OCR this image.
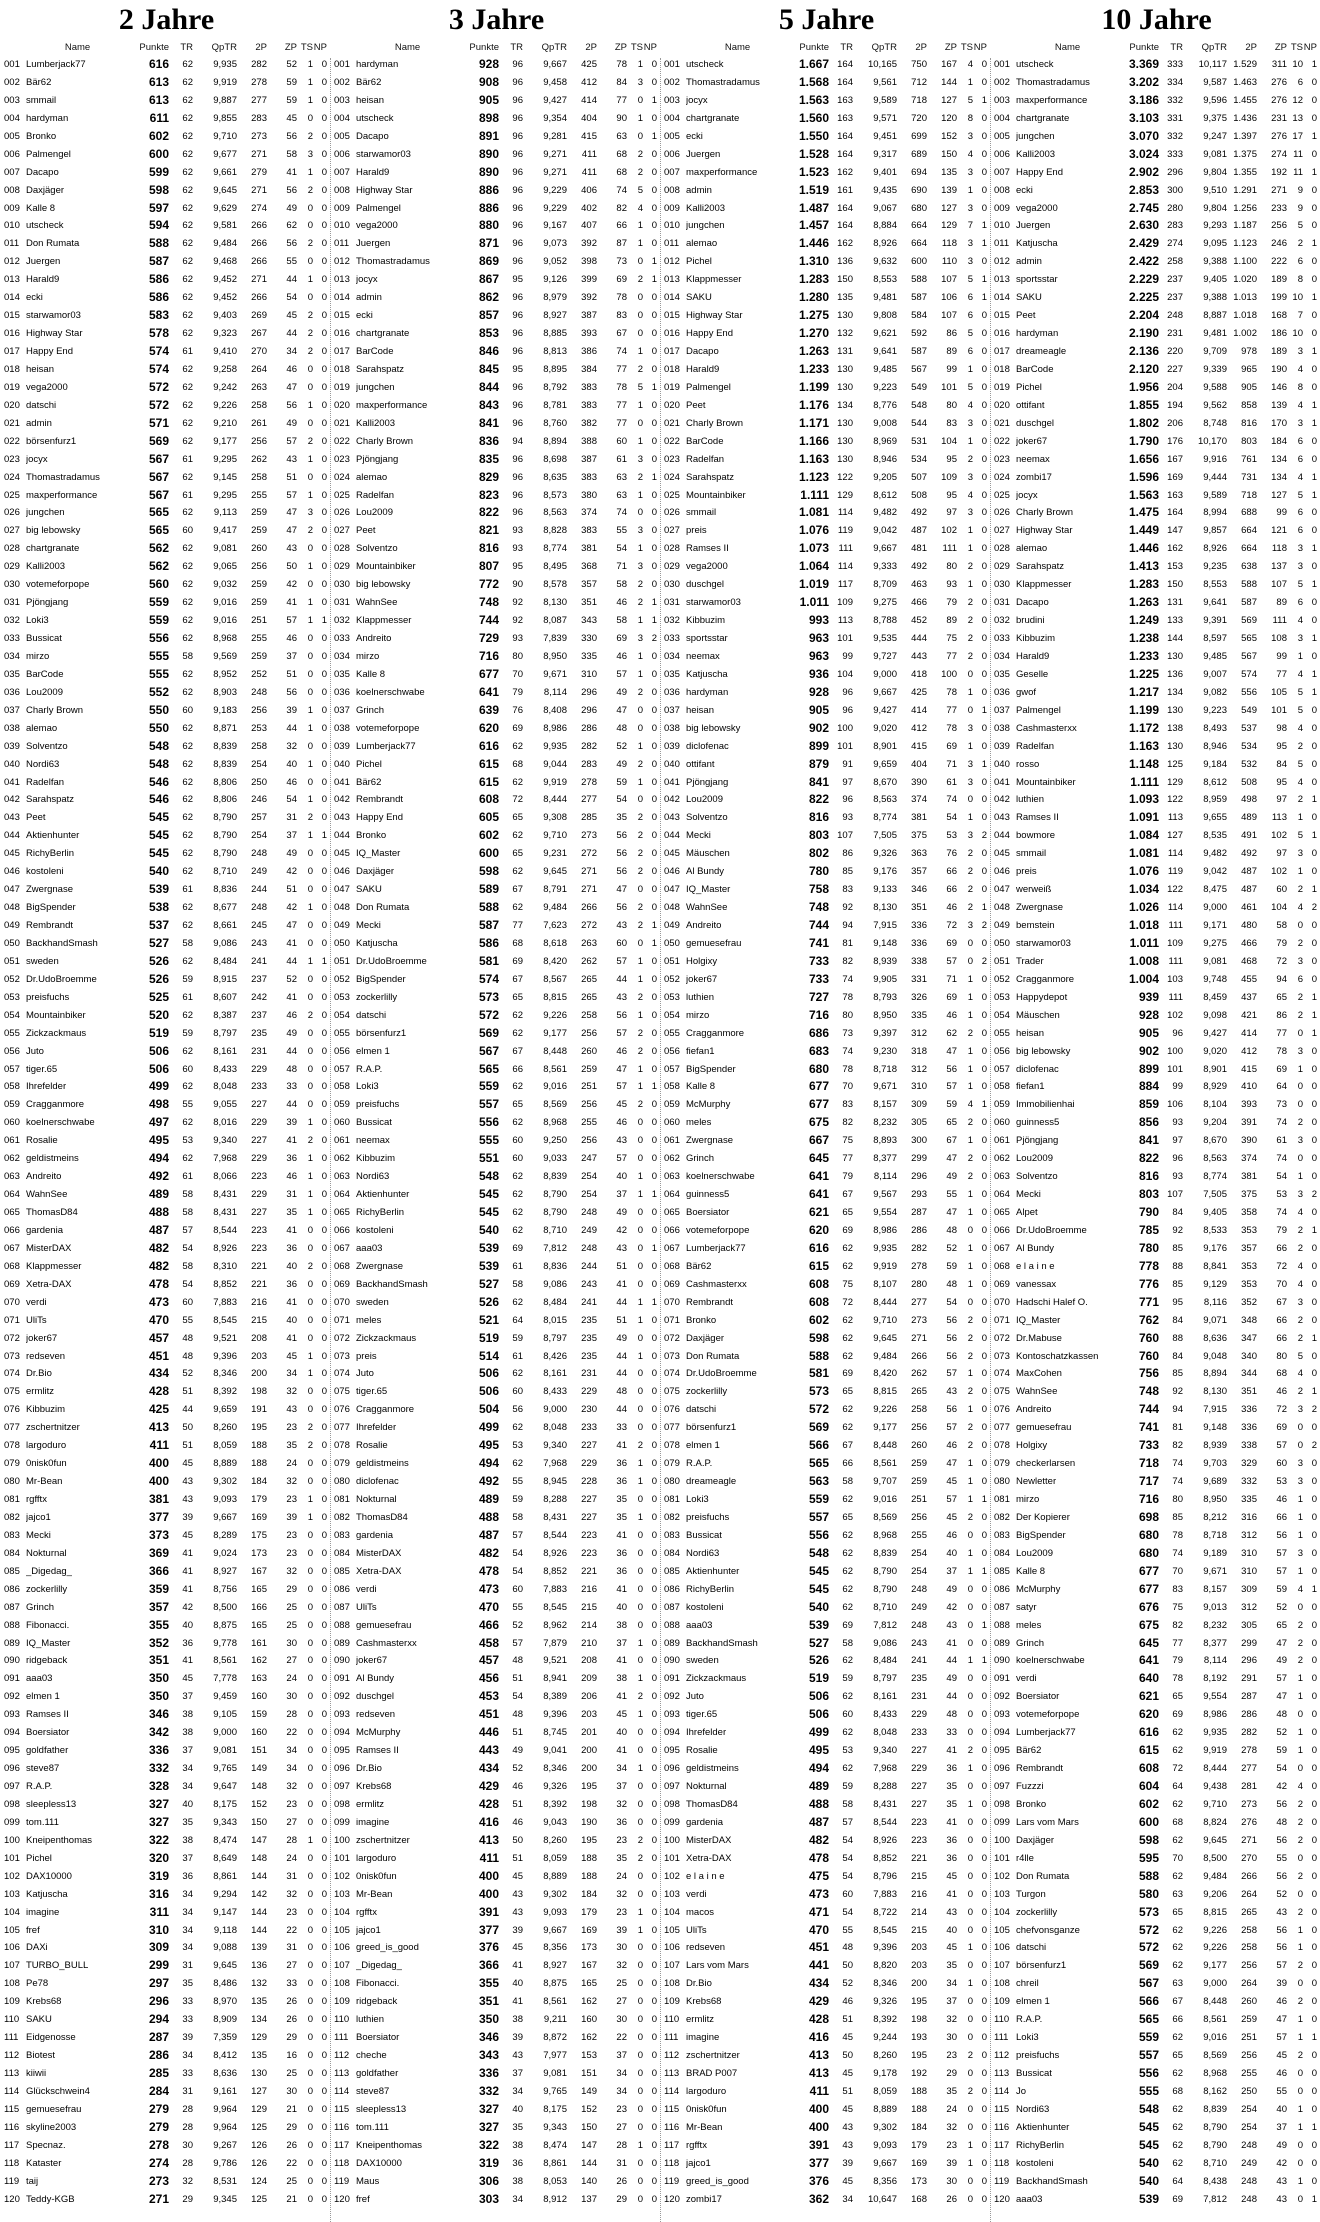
2 Jahre
Name	Punkte	TR	QpTR	2P	ZP TS NP
001 Lumberjack77	616	62	9,935	282	52	1 0
002 Bär62	613	62	9,919	278	59	1 0
003 smmail	613	62	9,887	277	59	1 0
004 hardyman	611	62	9,855	283	45	0 0
005 Bronko	602	62	9,710	273	56	2 0
006 Palmengel	600	62	9,677	271	58	3 0
007 Dacapo	599	62	9,661	279	41	1 0
008 Daxjäger	598	62	9,645	271	56	2 0
009 Kalle 8	597	62	9,629	274	49	0 0
010 utscheck	594	62	9,581	266	62	0 0
011 Don Rumata	588	62	9,484	266	56	2 0
012 Juergen	587	62	9,468	266	55	0 0
013 Harald9	586	62	9,452	271	44	1 0
014 ecki	586	62	9,452	266	54	0 0
015 starwamor03	583	62	9,403	269	45	2 0
016 Highway Star	578	62	9,323	267	44	2 0
017 Happy End	574	61	9,410	270	34	2 0
018 heisan	574	62	9,258	264	46	0 0
019 vega2000	572	62	9,242	263	47	0 0
020 datschi	572	62	9,226	258	56	1 0
021 admin	571	62	9,210	261	49	0 0
022 börsenfurz1	569	62	9,177	256	57	2 0
023 jocyx	567	61	9,295	262	43	1 0
024 Thomastradamus	567	62	9,145	258	51	0 0
025 maxperformance	567	61	9,295	255	57	1 0
026 jungchen	565	62	9,113	259	47	3 0
027 big lebowsky	565	60	9,417	259	47	2 0
028 chartgranate	562	62	9,081	260	43	0 0
029 Kalli2003	562	62	9,065	256	50	1 0
030 votemeforpope	560	62	9,032	259	42	0 0
031 Pjöngjang	559	62	9,016	259	41	1 0
032 Loki3	559	62	9,016	251	57	1 1
033 Bussicat	556	62	8,968	255	46	0 0
034 mirzo	555	58	9,569	259	37	0 0
035 BarCode	555	62	8,952	252	51	0 0
036 Lou2009	552	62	8,903	248	56	0 0
037 Charly Brown	550	60	9,183	256	39	1 0
038 alemao	550	62	8,871	253	44	1 0
039 Solventzo	548	62	8,839	258	32	0 0
040 Nordi63	548	62	8,839	254	40	1 0
041 Radelfan	546	62	8,806	250	46	0 0
042 Sarahspatz	546	62	8,806	246	54	1 0
043 Peet	545	62	8,790	257	31	2 0
044 Aktienhunter	545	62	8,790	254	37	1 1
045 RichyBerlin	545	62	8,790	248	49	0 0
046 kostoleni	540	62	8,710	249	42	0 0
047 Zwergnase	539	61	8,836	244	51	0 0
048 BigSpender	538	62	8,677	248	42	1 0
049 Rembrandt	537	62	8,661	245	47	0 0
050 BackhandSmash	527	58	9,086	243	41	0 0
051 sweden	526	62	8,484	241	44	1 1
052 Dr.UdoBroemme	526	59	8,915	237	52	0 0
053 preisfuchs	525	61	8,607	242	41	0 0
054 Mountainbiker	520	62	8,387	237	46	2 0
055 Zickzackmaus	519	59	8,797	235	49	0 0
056 Juto	506	62	8,161	231	44	0 0
057 tiger.65	506	60	8,433	229	48	0 0
058 Ihrefelder	499	62	8,048	233	33	0 0
059 Cragganmore	498	55	9,055	227	44	0 0
060 koelnerschwabe	497	62	8,016	229	39	1 0
061 Rosalie	495	53	9,340	227	41	2 0
062 geldistmeins	494	62	7,968	229	36	1 0
063 Andreito	492	61	8,066	223	46	1 0
064 WahnSee	489	58	8,431	229	31	1 0
065 ThomasD84	488	58	8,431	227	35	1 0
066 gardenia	487	57	8,544	223	41	0 0
067 MisterDAX	482	54	8,926	223	36	0 0
068 Klappmesser	482	58	8,310	221	40	2 0
069 Xetra-DAX	478	54	8,852	221	36	0 0
070 verdi	473	60	7,883	216	41	0 0
071 UliTs	470	55	8,545	215	40	0 0
072 joker67	457	48	9,521	208	41	0 0
073 redseven	451	48	9,396	203	45	1 0
074 Dr.Bio	434	52	8,346	200	34	1 0
075 ermlitz	428	51	8,392	198	32	0 0
076 Kibbuzim	425	44	9,659	191	43	0 0
077 zschertnitzer	413	50	8,260	195	23	2 0
078 largoduro	411	51	8,059	188	35	2 0
079 0nisk0fun	400	45	8,889	188	24	0 0
080 Mr-Bean	400	43	9,302	184	32	0 0
081 rgfftx	381	43	9,093	179	23	1 0
082 jajco1	377	39	9,667	169	39	1 0
083 Mecki	373	45	8,289	175	23	0 0
084 Nokturnal	369	41	9,024	173	23	0 0
085 _Digedag_	366	41	8,927	167	32	0 0
086 zockerlilly	359	41	8,756	165	29	0 0
087 Grinch	357	42	8,500	166	25	0 0
088 Fibonacci.	355	40	8,875	165	25	0 0
089 IQ_Master	352	36	9,778	161	30	0 0
090 ridgeback	351	41	8,561	162	27	0 0
091 aaa03	350	45	7,778	163	24	0 0
092 elmen 1	350	37	9,459	160	30	0 0
093 Ramses II	346	38	9,105	159	28	0 0
094 Boersiator	342	38	9,000	160	22	0 0
095 goldfather	336	37	9,081	151	34	0 0
096 steve87	332	34	9,765	149	34	0 0
097 R.A.P.	328	34	9,647	148	32	0 0
098 sleepless13	327	40	8,175	152	23	0 0
099 tom.111	327	35	9,343	150	27	0 0
100 Kneipenthomas	322	38	8,474	147	28	1 0
101 Pichel	320	37	8,649	148	24	0 0
102 DAX10000	319	36	8,861	144	31	0 0
103 Katjuscha	316	34	9,294	142	32	0 0
104 imagine	311	34	9,147	144	23	0 0
105 fref	310	34	9,118	144	22	0 0
106 DAXi	309	34	9,088	139	31	0 0
107 TURBO_BULL	299	31	9,645	136	27	0 0
108 Pe78	297	35	8,486	132	33	0 0
109 Krebs68	296	33	8,970	135	26	0 0
110 SAKU	294	33	8,909	134	26	0 0
111 Eidgenosse	287	39	7,359	129	29	0 0
112 Biotest	286	34	8,412	135	16	0 0
113 kiiwii	285	33	8,636	130	25	0 0
114 Glückschwein4	284	31	9,161	127	30	0 0
115 gemuesefrau	279	28	9,964	129	21	0 0
116 skyline2003	279	28	9,964	125	29	0 0
117 Specnaz.	278	30	9,267	126	26	0 0
118 Kataster	274	28	9,786	126	22	0 0
119 taij	273	32	8,531	124	25	0 0
120 Teddy-KGB	271	29	9,345	125	21	0 0
3 Jahre
Name	Punkte	TR	QpTR	2P	ZP TS NP
001 hardyman	928	96	9,667	425	78	1 0
002 Bär62	908	96	9,458	412	84	3 0
003 heisan	905	96	9,427	414	77	0 1
004 utscheck	898	96	9,354	404	90	1 0
005 Dacapo	891	96	9,281	415	63	0 1
006 starwamor03	890	96	9,271	411	68	2 0
007 Harald9	890	96	9,271	411	68	2 0
008 Highway Star	886	96	9,229	406	74	5 0
009 Palmengel	886	96	9,229	402	82	4 0
010 vega2000	880	96	9,167	407	66	1 0
011 Juergen	871	96	9,073	392	87	1 0
012 Thomastradamus	869	96	9,052	398	73	0 1
013 jocyx	867	95	9,126	399	69	2 1
014 admin	862	96	8,979	392	78	0 0
015 ecki	857	96	8,927	387	83	0 0
016 chartgranate	853	96	8,885	393	67	0 0
017 BarCode	846	96	8,813	386	74	1 0
018 Sarahspatz	845	95	8,895	384	77	2 0
019 jungchen	844	96	8,792	383	78	5 1
020 maxperformance	843	96	8,781	383	77	1 0
021 Kalli2003	841	96	8,760	382	77	0 0
022 Charly Brown	836	94	8,894	388	60	1 0
023 Pjöngjang	835	96	8,698	387	61	3 0
024 alemao	829	96	8,635	383	63	2 1
025 Radelfan	823	96	8,573	380	63	1 0
026 Lou2009	822	96	8,563	374	74	0 0
027 Peet	821	93	8,828	383	55	3 0
028 Solventzo	816	93	8,774	381	54	1 0
029 Mountainbiker	807	95	8,495	368	71	3 0
030 big lebowsky	772	90	8,578	357	58	2 0
031 WahnSee	748	92	8,130	351	46	2 1
032 Klappmesser	744	92	8,087	343	58	1 1
033 Andreito	729	93	7,839	330	69	3 2
034 mirzo	716	80	8,950	335	46	1 0
035 Kalle 8	677	70	9,671	310	57	1 0
036 koelnerschwabe	641	79	8,114	296	49	2 0
037 Grinch	639	76	8,408	296	47	0 0
038 votemeforpope	620	69	8,986	286	48	0 0
039 Lumberjack77	616	62	9,935	282	52	1 0
040 Pichel	615	68	9,044	283	49	2 0
041 Bär62	615	62	9,919	278	59	1 0
042 Rembrandt	608	72	8,444	277	54	0 0
043 Happy End	605	65	9,308	285	35	2 0
044 Bronko	602	62	9,710	273	56	2 0
045 IQ_Master	600	65	9,231	272	56	2 0
046 Daxjäger	598	62	9,645	271	56	2 0
047 SAKU	589	67	8,791	271	47	0 0
048 Don Rumata	588	62	9,484	266	56	2 0
049 Mecki	587	77	7,623	272	43	2 1
050 Katjuscha	586	68	8,618	263	60	0 1
051 Dr.UdoBroemme	581	69	8,420	262	57	1 0
052 BigSpender	574	67	8,567	265	44	1 0
053 zockerlilly	573	65	8,815	265	43	2 0
054 datschi	572	62	9,226	258	56	1 0
055 börsenfurz1	569	62	9,177	256	57	2 0
056 elmen 1	567	67	8,448	260	46	2 0
057 R.A.P.	565	66	8,561	259	47	1 0
058 Loki3	559	62	9,016	251	57	1 1
059 preisfuchs	557	65	8,569	256	45	2 0
060 Bussicat	556	62	8,968	255	46	0 0
061 neemax	555	60	9,250	256	43	0 0
062 Kibbuzim	551	60	9,033	247	57	0 0
063 Nordi63	548	62	8,839	254	40	1 0
064 Aktienhunter	545	62	8,790	254	37	1 1
065 RichyBerlin	545	62	8,790	248	49	0 0
066 kostoleni	540	62	8,710	249	42	0 0
067 aaa03	539	69	7,812	248	43	0 1
068 Zwergnase	539	61	8,836	244	51	0 0
069 BackhandSmash	527	58	9,086	243	41	0 0
070 sweden	526	62	8,484	241	44	1 1
071 meles	521	64	8,015	235	51	1 0
072 Zickzackmaus	519	59	8,797	235	49	0 0
073 preis	514	61	8,426	235	44	1 0
074 Juto	506	62	8,161	231	44	0 0
075 tiger.65	506	60	8,433	229	48	0 0
076 Cragganmore	504	56	9,000	230	44	0 0
077 Ihrefelder	499	62	8,048	233	33	0 0
078 Rosalie	495	53	9,340	227	41	2 0
079 geldistmeins	494	62	7,968	229	36	1 0
080 diclofenac	492	55	8,945	228	36	1 0
081 Nokturnal	489	59	8,288	227	35	0 0
082 ThomasD84	488	58	8,431	227	35	1 0
083 gardenia	487	57	8,544	223	41	0 0
084 MisterDAX	482	54	8,926	223	36	0 0
085 Xetra-DAX	478	54	8,852	221	36	0 0
086 verdi	473	60	7,883	216	41	0 0
087 UliTs	470	55	8,545	215	40	0 0
088 gemuesefrau	466	52	8,962	214	38	0 0
089 Cashmasterxx	458	57	7,879	210	37	1 0
090 joker67	457	48	9,521	208	41	0 0
091 Al Bundy	456	51	8,941	209	38	1 0
092 duschgel	453	54	8,389	206	41	2 0
093 redseven	451	48	9,396	203	45	1 0
094 McMurphy	446	51	8,745	201	40	0 0
095 Ramses II	443	49	9,041	200	41	0 0
096 Dr.Bio	434	52	8,346	200	34	1 0
097 Krebs68	429	46	9,326	195	37	0 0
098 ermlitz	428	51	8,392	198	32	0 0
099 imagine	416	46	9,043	190	36	0 0
100 zschertnitzer	413	50	8,260	195	23	2 0
101 largoduro	411	51	8,059	188	35	2 0
102 0nisk0fun	400	45	8,889	188	24	0 0
103 Mr-Bean	400	43	9,302	184	32	0 0
104 rgfftx	391	43	9,093	179	23	1 0
105 jajco1	377	39	9,667	169	39	1 0
106 greed_is_good	376	45	8,356	173	30	0 0
107 _Digedag_	366	41	8,927	167	32	0 0
108 Fibonacci.	355	40	8,875	165	25	0 0
109 ridgeback	351	41	8,561	162	27	0 0
110 luthien	350	38	9,211	160	30	0 0
111 Boersiator	346	39	8,872	162	22	0 0
112 cheche	343	43	7,977	153	37	0 0
113 goldfather	336	37	9,081	151	34	0 0
114 steve87	332	34	9,765	149	34	0 0
115 sleepless13	327	40	8,175	152	23	0 0
116 tom.111	327	35	9,343	150	27	0 0
117 Kneipenthomas	322	38	8,474	147	28	1 0
118 DAX10000	319	36	8,861	144	31	0 0
119 Maus	306	38	8,053	140	26	0 0
120 fref	303	34	8,912	137	29	0 0
5 Jahre
Name	Punkte	TR	QpTR	2P	ZP TS NP
001 utscheck	1.667 164	10,165	750	167	4 0
002 Thomastradamus	1.568 164	9,561	712	144	1 0
003 jocyx	1.563 163	9,589	718	127	5 1
004 chartgranate	1.560 163	9,571	720	120	8 0
005 ecki	1.550 164	9,451	699	152	3 0
006 Juergen	1.528 164	9,317	689	150	4 0
007 maxperformance	1.523 162	9,401	694	135	3 0
008 admin	1.519 161	9,435	690	139	1 0
009 Kalli2003	1.487 164	9,067	680	127	3 0
010 jungchen	1.457 164	8,884	664	129	7 1
011 alemao	1.446 162	8,926	664	118	3 1
012 Pichel	1.310 136	9,632	600	110	3 0
013 Klappmesser	1.283 150	8,553	588	107	5 1
014 SAKU	1.280 135	9,481	587	106	6 1
015 Highway Star	1.275 130	9,808	584	107	6 0
016 Happy End	1.270 132	9,621	592	86	5 0
017 Dacapo	1.263 131	9,641	587	89	6 0
018 Harald9	1.233 130	9,485	567	99	1 0
019 Palmengel	1.199 130	9,223	549	101	5 0
020 Peet	1.176 134	8,776	548	80	4 0
021 Charly Brown	1.171 130	9,008	544	83	3 0
022 BarCode	1.166 130	8,969	531	104	1 0
023 Radelfan	1.163 130	8,946	534	95	2 0
024 Sarahspatz	1.123 122	9,205	507	109	3 0
025 Mountainbiker	1.111 129	8,612	508	95	4 0
026 smmail	1.081 114	9,482	492	97	3 0
027 preis	1.076 119	9,042	487	102	1 0
028 Ramses II	1.073	111	9,667	481	111	1 0
029 vega2000	1.064 114	9,333	492	80	2 0
030 duschgel	1.019 117	8,709	463	93	1 0
031 starwamor03	1.011 109	9,275	466	79	2 0
032 Kibbuzim	993 113	8,788	452	89	2 0
033 sportsstar	963 101	9,535	444	75	2 0
034 neemax	963	99	9,727	443	77	2 0
035 Katjuscha	936 104	9,000	418	100	0 0
036 hardyman	928	96	9,667	425	78	1 0
037 heisan	905	96	9,427	414	77	0 1
038 big lebowsky	902 100	9,020	412	78	3 0
039 diclofenac	899 101	8,901	415	69	1 0
040 ottifant	879	91	9,659	404	71	3 1
041 Pjöngjang	841	97	8,670	390	61	3 0
042 Lou2009	822	96	8,563	374	74	0 0
043 Solventzo	816	93	8,774	381	54	1 0
044 Mecki	803 107	7,505	375	53	3 2
045 Mäuschen	802	86	9,326	363	76	2 0
046 Al Bundy	780	85	9,176	357	66	2 0
047 IQ_Master	758	83	9,133	346	66	2 0
048 WahnSee	748	92	8,130	351	46	2 1
049 Andreito	744	94	7,915	336	72	3 2
050 gemuesefrau	741	81	9,148	336	69	0 0
051 Holgixy	733	82	8,939	338	57	0 2
052 joker67	733	74	9,905	331	71	1 0
053 luthien	727	78	8,793	326	69	1 0
054 mirzo	716	80	8,950	335	46	1 0
055 Cragganmore	686	73	9,397	312	62	2 0
056 fiefan1	683	74	9,230	318	47	1 0
057 BigSpender	680	78	8,718	312	56	1 0
058 Kalle 8	677	70	9,671	310	57	1 0
059 McMurphy	677	83	8,157	309	59	4 1
060 meles	675	82	8,232	305	65	2 0
061 Zwergnase	667	75	8,893	300	67	1 0
062 Grinch	645	77	8,377	299	47	2 0
063 koelnerschwabe	641	79	8,114	296	49	2 0
064 guinness5	641	67	9,567	293	55	1 0
065 Boersiator	621	65	9,554	287	47	1 0
066 votemeforpope	620	69	8,986	286	48	0 0
067 Lumberjack77	616	62	9,935	282	52	1 0
068 Bär62	615	62	9,919	278	59	1 0
069 Cashmasterxx	608	75	8,107	280	48	1 0
070 Rembrandt	608	72	8,444	277	54	0 0
071 Bronko	602	62	9,710	273	56	2 0
072 Daxjäger	598	62	9,645	271	56	2 0
073 Don Rumata	588	62	9,484	266	56	2 0
074 Dr.UdoBroemme	581	69	8,420	262	57	1 0
075 zockerlilly	573	65	8,815	265	43	2 0
076 datschi	572	62	9,226	258	56	1 0
077 börsenfurz1	569	62	9,177	256	57	2 0
078 elmen 1	566	67	8,448	260	46	2 0
079 R.A.P.	565	66	8,561	259	47	1 0
080 dreameagle	563	58	9,707	259	45	1 0
081 Loki3	559	62	9,016	251	57	1 1
082 preisfuchs	557	65	8,569	256	45	2 0
083 Bussicat	556	62	8,968	255	46	0 0
084 Nordi63	548	62	8,839	254	40	1 0
085 Aktienhunter	545	62	8,790	254	37	1 1
086 RichyBerlin	545	62	8,790	248	49	0 0
087 kostoleni	540	62	8,710	249	42	0 0
088 aaa03	539	69	7,812	248	43	0 1
089 BackhandSmash	527	58	9,086	243	41	0 0
090 sweden	526	62	8,484	241	44	1 1
091 Zickzackmaus	519	59	8,797	235	49	0 0
092 Juto	506	62	8,161	231	44	0 0
093 tiger.65	506	60	8,433	229	48	0 0
094 Ihrefelder	499	62	8,048	233	33	0 0
095 Rosalie	495	53	9,340	227	41	2 0
096 geldistmeins	494	62	7,968	229	36	1 0
097 Nokturnal	489	59	8,288	227	35	0 0
098 ThomasD84	488	58	8,431	227	35	1 0
099 gardenia	487	57	8,544	223	41	0 0
100 MisterDAX	482	54	8,926	223	36	0 0
101 Xetra-DAX	478	54	8,852	221	36	0 0
102 e l a i n e	475	54	8,796	215	45	0 0
103 verdi	473	60	7,883	216	41	0 0
104 macos	471	54	8,722	214	43	0 0
105 UliTs	470	55	8,545	215	40	0 0
106 redseven	451	48	9,396	203	45	1 0
107 Lars vom Mars	441	50	8,820	203	35	0 0
108 Dr.Bio	434	52	8,346	200	34	1 0
109 Krebs68	429	46	9,326	195	37	0 0
110 ermlitz	428	51	8,392	198	32	0 0
111 imagine	416	45	9,244	193	30	0 0
112 zschertnitzer	413	50	8,260	195	23	2 0
113 BRAD P007	413	45	9,178	192	29	0 0
114 largoduro	411	51	8,059	188	35	2 0
115 0nisk0fun	400	45	8,889	188	24	0 0
116 Mr-Bean	400	43	9,302	184	32	0 0
117 rgfftx	391	43	9,093	179	23	1 0
118 jajco1	377	39	9,667	169	39	1 0
119 greed_is_good	376	45	8,356	173	30	0 0
120 zombi17	362	34	10,647	168	26	0 0
10 Jahre
Name	Punkte	TR	QpTR	2P	ZP TS NP
001 utscheck	3.369 333	10,117 1.529	311 10 1
002 Thomastradamus	3.202 334	9,587 1.463	276	6 0
003 maxperformance	3.186 332	9,596 1.455	276 12 0
004 chartgranate	3.103 331	9,375 1.436	231 13 0
005 jungchen	3.070 332	9,247 1.397	276 17 1
006 Kalli2003	3.024 333	9,081 1.375	274 11 0
007 Happy End	2.902 296	9,804 1.355	192 11 1
008 ecki	2.853 300	9,510 1.291	271	9 0
009 vega2000	2.745 280	9,804 1.256	233	9 0
010 Juergen	2.630 283	9,293 1.187	256	5 0
011 Katjuscha	2.429 274	9,095 1.123	246	2 1
012 admin	2.422 258	9,388 1.100	222	6 0
013 sportsstar	2.229 237	9,405 1.020	189	8 0
014 SAKU	2.225 237	9,388 1.013	199 10 1
015 Peet	2.204 248	8,887 1.018	168	7 0
016 hardyman	2.190 231	9,481 1.002	186 10 0
017 dreameagle	2.136 220	9,709	978	189	3 1
018 BarCode	2.120 227	9,339	965	190	4 0
019 Pichel	1.956 204	9,588	905	146	8 0
020 ottifant	1.855 194	9,562	858	139	4 1
021 duschgel	1.802 206	8,748	816	170	3 1
022 joker67	1.790 176	10,170	803	184	6 0
023 neemax	1.656 167	9,916	761	134	6 0
024 zombi17	1.596 169	9,444	731	134	4 1
025 jocyx	1.563 163	9,589	718	127	5 1
026 Charly Brown	1.475 164	8,994	688	99	6 0
027 Highway Star	1.449 147	9,857	664	121	6 0
028 alemao	1.446 162	8,926	664	118	3 1
029 Sarahspatz	1.413 153	9,235	638	137	3 0
030 Klappmesser	1.283 150	8,553	588	107	5 1
031 Dacapo	1.263 131	9,641	587	89	6 0
032 brudini	1.249 133	9,391	569	111	4 0
033 Kibbuzim	1.238 144	8,597	565	108	3 1
034 Harald9	1.233 130	9,485	567	99	1 0
035 Geselle	1.225 136	9,007	574	77	4 1
036 gwof	1.217 134	9,082	556	105	5 1
037 Palmengel	1.199 130	9,223	549	101	5 0
038 Cashmasterxx	1.172 138	8,493	537	98	4 0
039 Radelfan	1.163 130	8,946	534	95	2 0
040 rosso	1.148 125	9,184	532	84	5 0
041 Mountainbiker	1.111 129	8,612	508	95	4 0
042 luthien	1.093 122	8,959	498	97	2 1
043 Ramses II	1.091 113	9,655	489	113	1 0
044 bowmore	1.084 127	8,535	491	102	5 1
045 smmail	1.081 114	9,482	492	97	3 0
046 preis	1.076 119	9,042	487	102	1 0
047 werweiß	1.034 122	8,475	487	60	2 1
048 Zwergnase	1.026 114	9,000	461	104	4 2
049 bemstein	1.018	111	9,171	480	58	0 0
050 starwamor03	1.011 109	9,275	466	79	2 0
051 Trader	1.008	111	9,081	468	72	3 0
052 Cragganmore	1.004 103	9,748	455	94	6 0
053 Happydepot	939	111	8,459	437	65	2 1
054 Mäuschen	928 102	9,098	421	86	2 1
055 heisan	905	96	9,427	414	77	0 1
056 big lebowsky	902 100	9,020	412	78	3 0
057 diclofenac	899 101	8,901	415	69	1 0
058 fiefan1	884	99	8,929	410	64	0 0
059 Immobilienhai	859 106	8,104	393	73	0 0
060 guinness5	856	93	9,204	391	74	2 0
061 Pjöngjang	841	97	8,670	390	61	3 0
062 Lou2009	822	96	8,563	374	74	0 0
063 Solventzo	816	93	8,774	381	54	1 0
064 Mecki	803 107	7,505	375	53	3 2
065 Alpet	790	84	9,405	358	74	4 0
066 Dr.UdoBroemme	785	92	8,533	353	79	2 1
067 Al Bundy	780	85	9,176	357	66	2 0
068 e l a i n e	778	88	8,841	353	72	4 0
069 vanessax	776	85	9,129	353	70	4 0
070 Hadschi Halef O.	771	95	8,116	352	67	3 0
071 IQ_Master	762	84	9,071	348	66	2 0
072 Dr.Mabuse	760	88	8,636	347	66	2 1
073 Kontoschatzkassen	760	84	9,048	340	80	5 0
074 MaxCohen	756	85	8,894	344	68	4 0
075 WahnSee	748	92	8,130	351	46	2 1
076 Andreito	744	94	7,915	336	72	3 2
077 gemuesefrau	741	81	9,148	336	69	0 0
078 Holgixy	733	82	8,939	338	57	0 2
079 checkerlarsen	718	74	9,703	329	60	3 0
080 Newletter	717	74	9,689	332	53	3 0
081 mirzo	716	80	8,950	335	46	1 0
082 Der Kopierer	698	85	8,212	316	66	1 0
083 BigSpender	680	78	8,718	312	56	1 0
084 Lou2009	680	74	9,189	310	57	3 0
085 Kalle 8	677	70	9,671	310	57	1 0
086 McMurphy	677	83	8,157	309	59	4 1
087 satyr	676	75	9,013	312	52	0 0
088 meles	675	82	8,232	305	65	2 0
089 Grinch	645	77	8,377	299	47	2 0
090 koelnerschwabe	641	79	8,114	296	49	2 0
091 verdi	640	78	8,192	291	57	1 0
092 Boersiator	621	65	9,554	287	47	1 0
093 votemeforpope	620	69	8,986	286	48	0 0
094 Lumberjack77	616	62	9,935	282	52	1 0
095 Bär62	615	62	9,919	278	59	1 0
096 Rembrandt	608	72	8,444	277	54	0 0
097 Fuzzzi	604	64	9,438	281	42	4 0
098 Bronko	602	62	9,710	273	56	2 0
099 Lars vom Mars	600	68	8,824	276	48	2 0
100 Daxjäger	598	62	9,645	271	56	2 0
101 r4lle	595	70	8,500	270	55	0 0
102 Don Rumata	588	62	9,484	266	56	2 0
103 Turgon	580	63	9,206	264	52	0 0
104 zockerlilly	573	65	8,815	265	43	2 0
105 chefvonsganze	572	62	9,226	258	56	1 0
106 datschi	572	62	9,226	258	56	1 0
107 börsenfurz1	569	62	9,177	256	57	2 0
108 chreil	567	63	9,000	264	39	0 0
109 elmen 1	566	67	8,448	260	46	2 0
110 R.A.P.	565	66	8,561	259	47	1 0
111 Loki3	559	62	9,016	251	57	1 1
112 preisfuchs	557	65	8,569	256	45	2 0
113 Bussicat	556	62	8,968	255	46	0 0
114 Jo	555	68	8,162	250	55	0 0
115 Nordi63	548	62	8,839	254	40	1 0
116 Aktienhunter	545	62	8,790	254	37	1 1
117 RichyBerlin	545	62	8,790	248	49	0 0
118 kostoleni	540	62	8,710	249	42	0 0
119 BackhandSmash	540	64	8,438	248	43	1 0
120 aaa03	539	69	7,812	248	43	0 1
